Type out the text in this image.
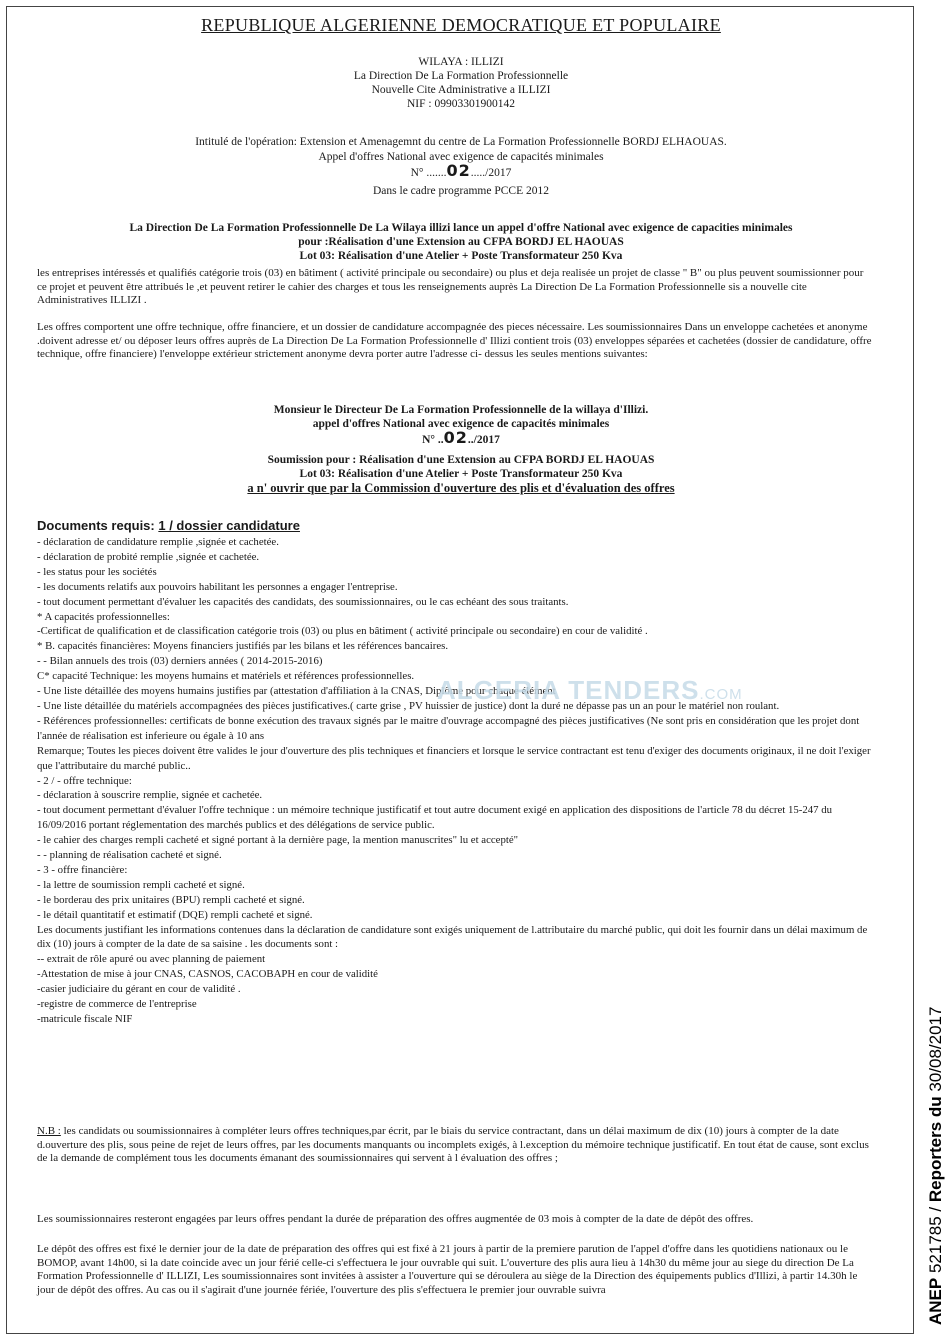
REPUBLIQUE ALGERIENNE DEMOCRATIQUE ET POPULAIRE
WILAYA : ILLIZI
La Direction De La Formation Professionnelle
Nouvelle Cite Administrative a ILLIZI
NIF : 09903301900142
Intitulé de l'opération: Extension et Amenagemnt du centre de La Formation Professionnelle BORDJ ELHAOUAS.
Appel d'offres National avec exigence de capacités minimales
N° .......02...../2017
Dans le cadre programme PCCE 2012
La Direction De La Formation Professionnelle De La Wilaya illizi lance un appel d'offre National avec exigence de capacities minimales
pour :Réalisation d'une Extension au CFPA BORDJ EL HAOUAS
Lot 03: Réalisation d'une Atelier + Poste Transformateur 250 Kva
les entreprises intéressés et qualifiés catégorie trois (03) en bâtiment ( activité principale ou secondaire) ou plus et deja realisée un projet de classe " B" ou plus peuvent soumissionner pour ce projet et peuvent être attribués le ,et peuvent retirer le cahier des charges et tous les renseignements auprès La Direction De La Formation Professionnelle sis a nouvelle cite Administratives ILLIZI .
Les offres comportent une offre technique, offre financiere, et un dossier de candidature accompagnée des pieces nécessaire. Les soumissionnaires Dans un enveloppe cachetées et anonyme .doivent adresse et/ ou déposer leurs offres auprès de La Direction De La Formation Professionnelle d' Illizi contient trois (03) enveloppes séparées et cachetées (dossier de candidature, offre technique, offre financiere) l'enveloppe extérieur strictement anonyme devra porter autre l'adresse ci- dessus les seules mentions suivantes:
Monsieur le Directeur De La Formation Professionnelle de la willaya d'Illizi.
appel d'offres National avec exigence de capacités minimales
N° ..02../2017
Soumission pour : Réalisation d'une Extension au CFPA BORDJ EL HAOUAS
Lot 03: Réalisation d'une Atelier + Poste Transformateur 250 Kva
a n' ouvrir que par la Commission d'ouverture des plis et d'évaluation des offres
Documents requis: 1 / dossier candidature
- déclaration de candidature remplie ,signée et cachetée.
- déclaration de probité remplie ,signée et cachetée.
- les status pour les sociétés
- les documents relatifs aux pouvoirs habilitant les personnes a engager l'entreprise.
- tout document permettant d'évaluer les capacités des candidats, des soumissionnaires, ou le cas echéant des sous traitants.
* A capacités professionnelles:
-Certificat de qualification et de classification catégorie trois (03) ou plus en bâtiment ( activité principale ou secondaire) en cour de validité .
* B. capacités financières: Moyens financiers justifiés par les bilans et les références bancaires.
- - Bilan annuels des trois (03) derniers années ( 2014-2015-2016)
C* capacité Technique: les moyens humains et matériels et références professionnelles.
- Une liste détaillée des moyens humains justifies par (attestation d'affiliation à la CNAS, Diplôme pour chaque élément
- Une liste détaillée du matériels accompagnées des pièces justificatives.( carte grise , PV huissier de justice) dont la duré ne dépasse pas un an pour le matériel non roulant.
- Références professionnelles: certificats de bonne exécution des travaux signés par le maitre d'ouvrage accompagné des pièces justificatives (Ne sont pris en considération que les projet dont l'année de réalisation est inferieure ou égale à 10 ans
Remarque; Toutes les pieces doivent être valides le jour d'ouverture des plis techniques et financiers et lorsque le service contractant est tenu d'exiger des documents originaux, il ne doit l'exiger que l'attributaire du marché public..
- 2 / - offre technique:
- déclaration à souscrire remplie, signée et cachetée.
- tout document permettant d'évaluer l'offre technique : un mémoire technique justificatif et tout autre document exigé en application des dispositions de l'article 78 du décret 15-247 du 16/09/2016 portant réglementation des marchés publics et des délégations de service public.
- le cahier des charges rempli cacheté et signé portant à la dernière page, la mention manuscrites" lu et accepté"
- - planning de réalisation cacheté et signé.
- 3 - offre financière:
- la lettre de soumission rempli cacheté et signé.
- le borderau des prix unitaires (BPU) rempli cacheté et signé.
- le détail quantitatif et estimatif (DQE) rempli cacheté et signé.
Les documents justifiant les informations contenues dans la déclaration de candidature sont exigés uniquement de l.attributaire du marché public, qui doit les fournir dans un délai maximum de dix (10) jours à compter de la date de sa saisine . les documents sont :
-- extrait de rôle apuré ou avec planning de paiement
-Attestation de mise à jour CNAS, CASNOS, CACOBAPH en cour de validité
-casier judiciaire du gérant en cour de validité .
-registre de commerce de l'entreprise
-matricule fiscale NIF
N.B : les candidats ou soumissionnaires à compléter leurs offres techniques,par écrit, par le biais du service contractant, dans un délai maximum de dix (10) jours à compter de la date d.ouverture des plis, sous peine de rejet de leurs offres, par les documents manquants ou incomplets exigés, à l.exception du mémoire technique justificatif. En tout état de cause, sont exclus de la demande de complément tous les documents émanant des soumissionnaires qui servent à l évaluation des offres ;
Les soumissionnaires resteront engagées par leurs offres pendant la durée de préparation des offres augmentée de 03 mois à compter de la date de dépôt des offres.
Le dépôt des offres est fixé le dernier jour de la date de préparation des offres qui est fixé à 21 jours à partir de la premiere parution de l'appel d'offre dans les quotidiens nationaux ou le BOMOP, avant 14h00, si la date coincide avec un jour férié celle-ci s'effectuera le jour ouvrable qui suit. L'ouverture des plis aura lieu à 14h30 du même jour au siege du direction De La Formation Professionnelle d' ILLIZI, Les soumissionnaires sont invitées à assister a l'ouverture qui se déroulera au siège de la Direction des équipements publics d'Illizi, à partir 14.30h le jour de dépôt des offres. Au cas ou il s'agirait d'une journée fériée, l'ouverture des plis s'effectuera le premier jour ouvrable suivra
ALGERIA TENDERS.COM
ANEP 521785 / Reporters du 30/08/2017
